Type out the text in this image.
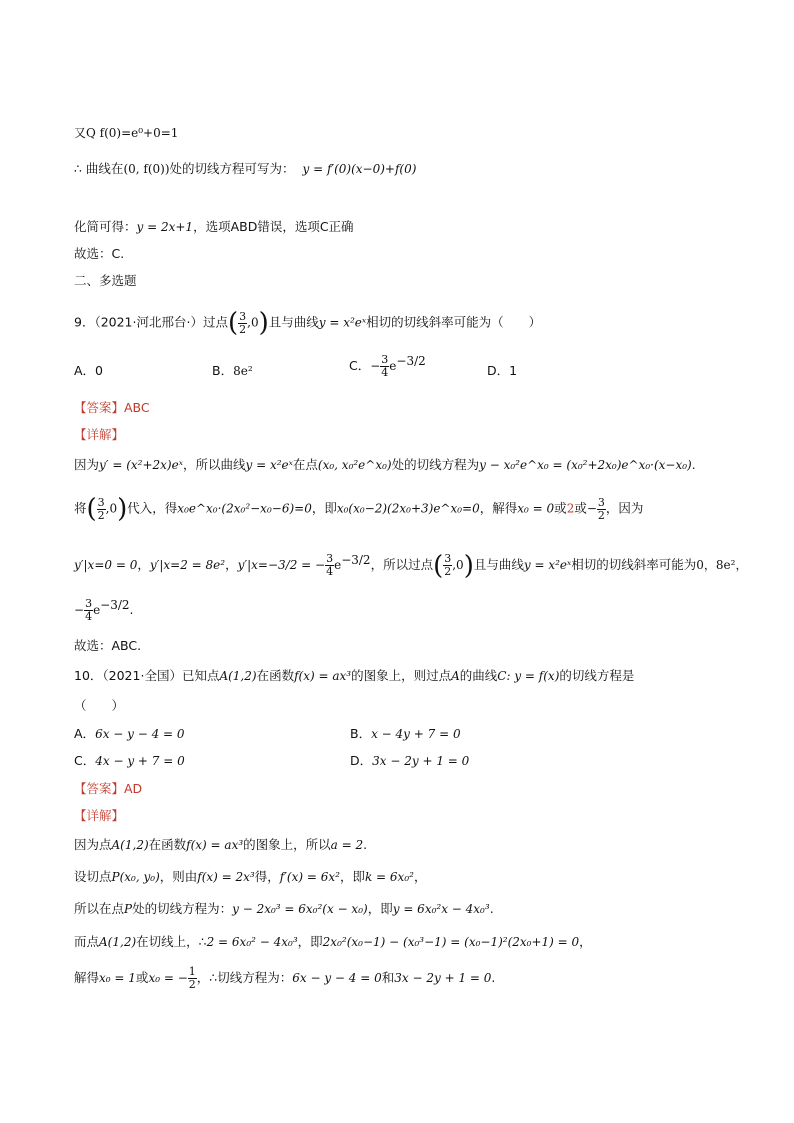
又Q f(0)=e⁰+0=1
∴ 曲线在(0, f(0))处的切线方程可写为： y = f′(0)(x−0)+f(0)
化简可得：y = 2x+1，选项ABD错误，选项C正确
故选：C.
二、多选题
9．（2021·河北邢台·）过点( $\frac{3}{2} ,0$)且与曲线y = x²eˣ相切的切线斜率可能为（　　）
A．0	B．8e²	C．− $\frac{3}{4} e^{-3/2}$
D．1
【答案】ABC
【详解】
因为y′ = (x²+2x)eˣ，所以曲线y = x²eˣ在点(x₀, x₀²e^x₀)处的切线方程为y − x₀²e^x₀ = (x₀²+2x₀)e^x₀·(x−x₀).
将( $\frac{3}{2} ,0$)代入，得x₀e^x₀·(2x₀²−x₀−6)=0，即x₀(x₀−2)(2x₀+3)e^x₀=0，解得x₀ = 0或2或− $\frac{3}{2}$ ，因为
y′|x=0 = 0，y′|x=2 = 8e²，y′|x=−3/2 = − $\frac{3}{4} e^{-3/2}$，所以过点( $\frac{3}{2} ,0$)且与曲线y = x²eˣ相切的切线斜率可能为0，8e²，
− $\frac{3}{4} e^{-3/2}$.
故选：ABC.
10．（2021·全国）已知点A(1,2)在函数f(x) = ax³的图象上，则过点A的曲线C: y = f(x)的切线方程是
（　　）
A．6x − y − 4 = 0	B．x − 4y + 7 = 0
C．4x − y + 7 = 0	D．3x − 2y + 1 = 0
【答案】AD
【详解】
因为点A(1,2)在函数f(x) = ax³的图象上，所以a = 2.
设切点P(x₀, y₀)，则由f(x) = 2x³得，f′(x) = 6x²，即k = 6x₀²，
所以在点P处的切线方程为：y − 2x₀³ = 6x₀²(x − x₀)，即y = 6x₀²x − 4x₀³.
而点A(1,2)在切线上，∴2 = 6x₀² − 4x₀³，即2x₀²(x₀−1) − (x₀³−1) = (x₀−1)²(2x₀+1) = 0，
解得x₀ = 1或x₀ = − $\frac{1}{2}$ ，∴切线方程为：6x − y − 4 = 0和3x − 2y + 1 = 0.
